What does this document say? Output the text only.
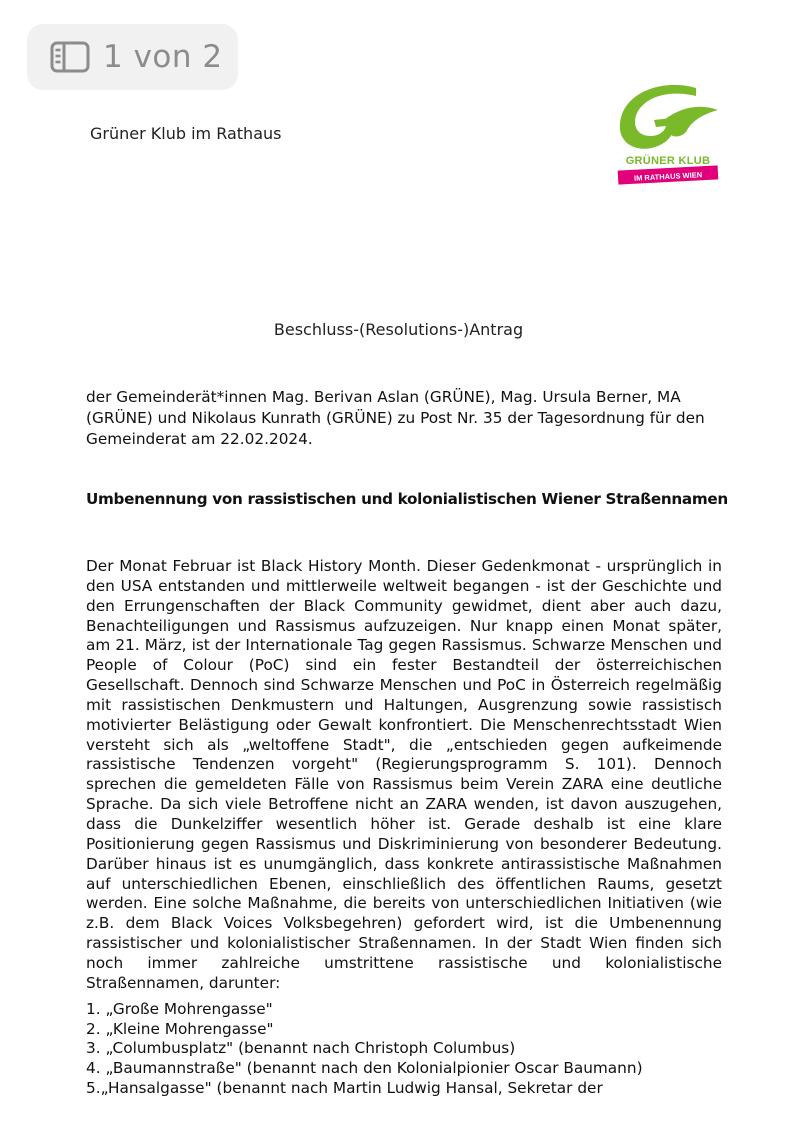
1 von 2
Grüner Klub im Rathaus
GRÜNER KLUB
IM RATHAUS WIEN
Beschluss-(Resolutions-)Antrag

der Gemeinderät*innen Mag. Berivan Aslan (GRÜNE), Mag. Ursula Berner, MA (GRÜNE) und Nikolaus Kunrath (GRÜNE) zu Post Nr. 35 der Tagesordnung für den Gemeinderat am 22.02.2024.

Umbenennung von rassistischen und kolonialistischen Wiener Straßennamen

Der Monat Februar ist Black History Month. Dieser Gedenkmonat - ursprünglich in den USA entstanden und mittlerweile weltweit begangen - ist der Geschichte und den Errungenschaften der Black Community gewidmet, dient aber auch dazu, Benachteiligungen und Rassismus aufzuzeigen. Nur knapp einen Monat später, am 21. März, ist der Internationale Tag gegen Rassismus. Schwarze Menschen und People of Colour (PoC) sind ein fester Bestandteil der österreichischen Gesellschaft. Dennoch sind Schwarze Menschen und PoC in Österreich regelmäßig mit rassistischen Denkmustern und Haltungen, Ausgrenzung sowie rassistisch motivierter Belästigung oder Gewalt konfrontiert. Die Menschenrechtsstadt Wien versteht sich als „weltoffene Stadt", die „entschieden gegen aufkeimende rassistische Tendenzen vorgeht" (Regierungsprogramm S. 101). Dennoch sprechen die gemeldeten Fälle von Rassismus beim Verein ZARA eine deutliche Sprache. Da sich viele Betroffene nicht an ZARA wenden, ist davon auszugehen, dass die Dunkelziffer wesentlich höher ist. Gerade deshalb ist eine klare Positionierung gegen Rassismus und Diskriminierung von besonderer Bedeutung. Darüber hinaus ist es unumgänglich, dass konkrete antirassistische Maßnahmen auf unterschiedlichen Ebenen, einschließlich des öffentlichen Raums, gesetzt werden. Eine solche Maßnahme, die bereits von unterschiedlichen Initiativen (wie z.B. dem Black Voices Volksbegehren) gefordert wird, ist die Umbenennung rassistischer und kolonialistischer Straßennamen. In der Stadt Wien finden sich noch immer zahlreiche umstrittene rassistische und kolonialistische Straßennamen, darunter:

1. „Große Mohrengasse"
2. „Kleine Mohrengasse"
3. „Columbusplatz" (benannt nach Christoph Columbus)
4. „Baumannstraße" (benannt nach den Kolonialpionier Oscar Baumann)
5.„Hansalgasse" (benannt nach Martin Ludwig Hansal, Sekretar der
